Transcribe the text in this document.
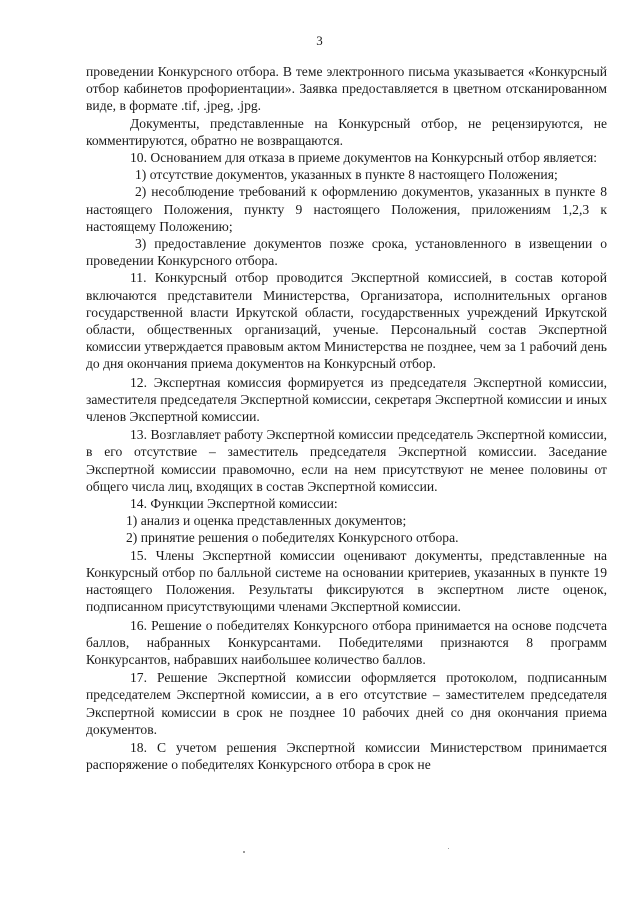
3

проведении Конкурсного отбора. В теме электронного письма указывается «Конкурсный отбор кабинетов профориентации». Заявка предоставляется в цветном отсканированном виде, в формате .tif, .jpeg, .jpg.

Документы, представленные на Конкурсный отбор, не рецензируются, не комментируются, обратно не возвращаются.

10. Основанием для отказа в приеме документов на Конкурсный отбор является:

1) отсутствие документов, указанных в пункте 8 настоящего Положения;

2) несоблюдение требований к оформлению документов, указанных в пункте 8 настоящего Положения, пункту 9 настоящего Положения, приложениям 1,2,3 к настоящему Положению;

3) предоставление документов позже срока, установленного в извещении о проведении Конкурсного отбора.

11. Конкурсный отбор проводится Экспертной комиссией, в состав которой включаются представители Министерства, Организатора, исполнительных органов государственной власти Иркутской области, государственных учреждений Иркутской области, общественных организаций, ученые. Персональный состав Экспертной комиссии утверждается правовым актом Министерства не позднее, чем за 1 рабочий день до дня окончания приема документов на Конкурсный отбор.

12. Экспертная комиссия формируется из председателя Экспертной комиссии, заместителя председателя Экспертной комиссии, секретаря Экспертной комиссии и иных членов Экспертной комиссии.

13. Возглавляет работу Экспертной комиссии председатель Экспертной комиссии, в его отсутствие – заместитель председателя Экспертной комиссии. Заседание Экспертной комиссии правомочно, если на нем присутствуют не менее половины от общего числа лиц, входящих в состав Экспертной комиссии.

14. Функции Экспертной комиссии:

1) анализ и оценка представленных документов;

2) принятие решения о победителях Конкурсного отбора.

15. Члены Экспертной комиссии оценивают документы, представленные на Конкурсный отбор по балльной системе на основании критериев, указанных в пункте 19 настоящего Положения. Результаты фиксируются в экспертном листе оценок, подписанном присутствующими членами Экспертной комиссии.

16. Решение о победителях Конкурсного отбора принимается на основе подсчета баллов, набранных Конкурсантами. Победителями признаются 8 программ Конкурсантов, набравших наибольшее количество баллов.

17. Решение Экспертной комиссии оформляется протоколом, подписанным председателем Экспертной комиссии, а в его отсутствие – заместителем председателя Экспертной комиссии в срок не позднее 10 рабочих дней со дня окончания приема документов.

18. С учетом решения Экспертной комиссии Министерством принимается распоряжение о победителях Конкурсного отбора в срок не
